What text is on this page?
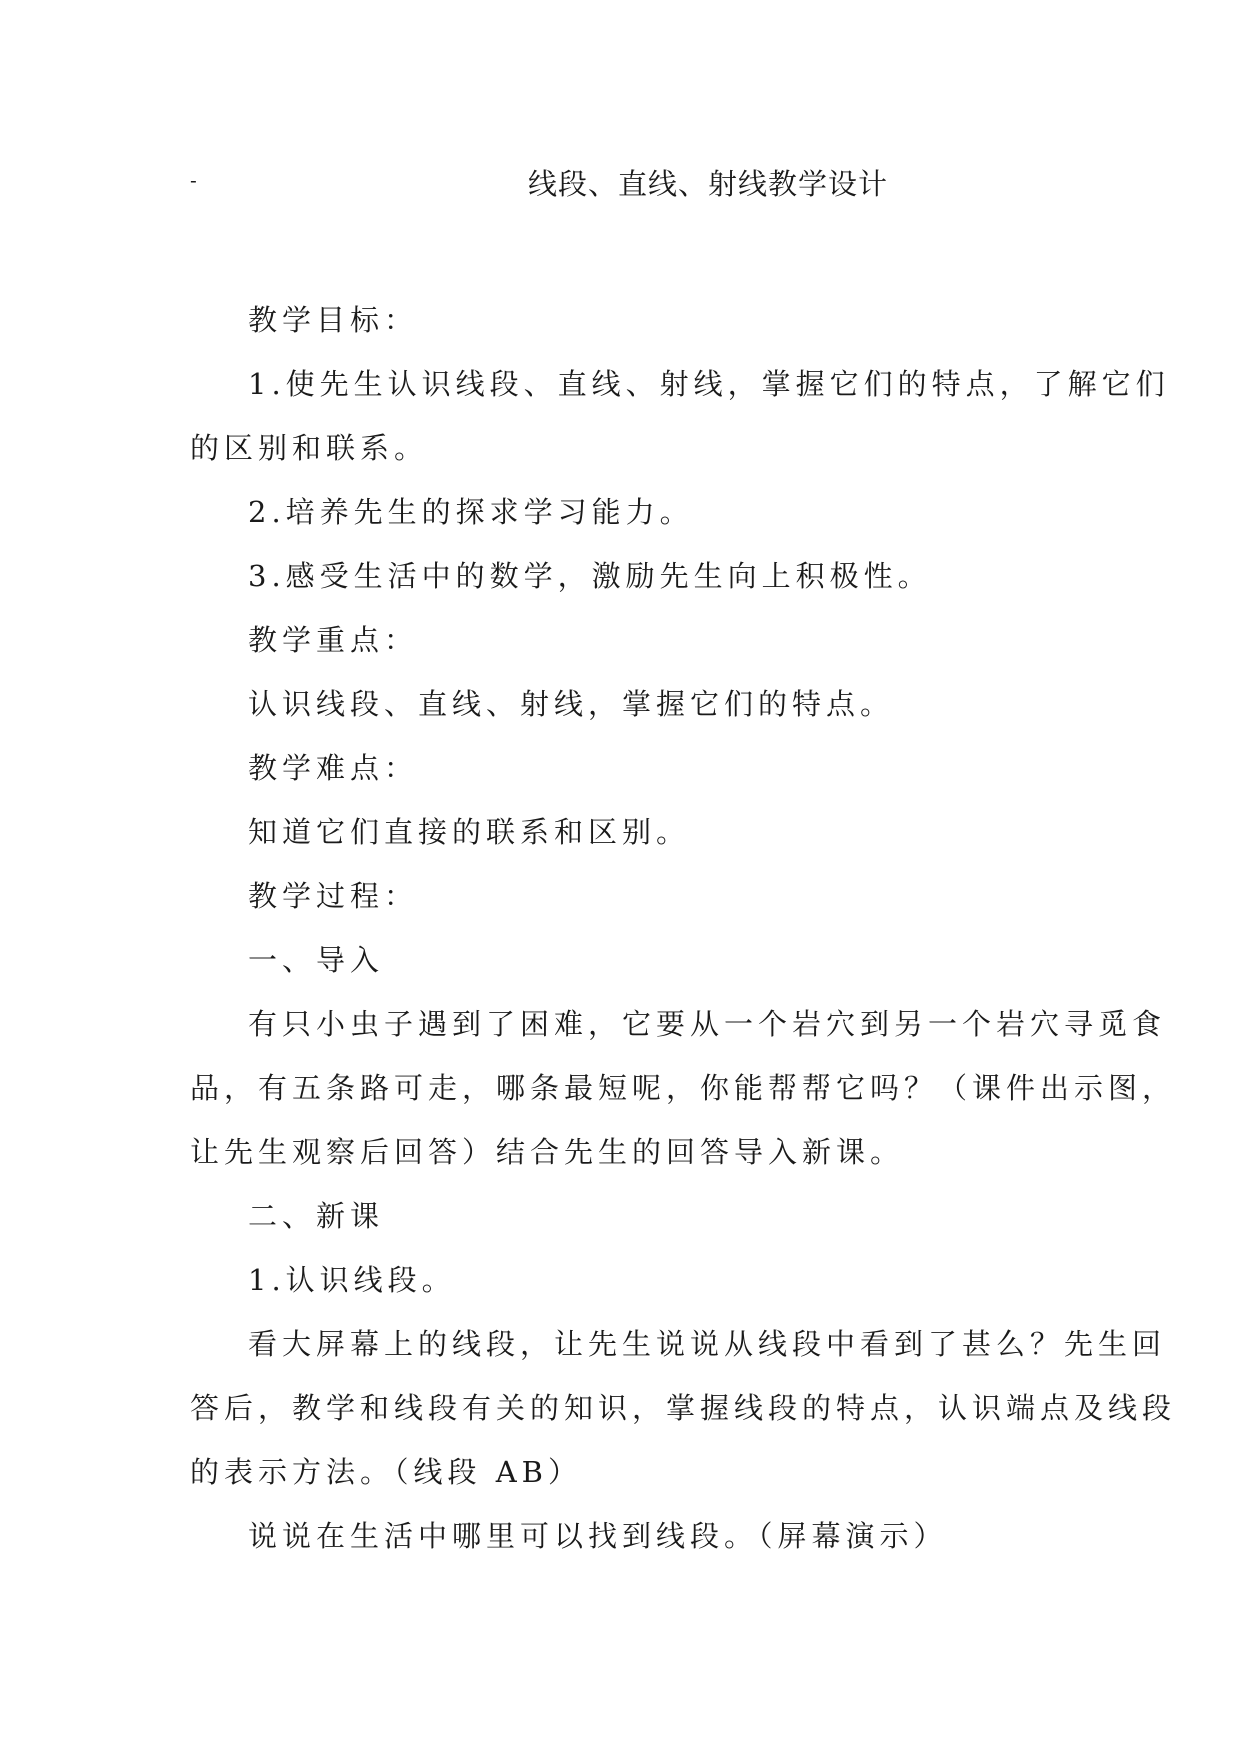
-	线段、直线、射线教学设计
教学目标：
1.使先生认识线段、直线、射线，掌握它们的特点，了解它们
的区别和联系。
2.培养先生的探求学习能力。
3.感受生活中的数学，激励先生向上积极性。
教学重点：
认识线段、直线、射线，掌握它们的特点。
教学难点：
知道它们直接的联系和区别。
教学过程：
一、导入
有只小虫子遇到了困难，它要从一个岩穴到另一个岩穴寻觅食
品，有五条路可走，哪条最短呢，你能帮帮它吗？（课件出示图，
让先生观察后回答）结合先生的回答导入新课。
二、新课
1.认识线段。
看大屏幕上的线段，让先生说说从线段中看到了甚么？先生回
答后，教学和线段有关的知识，掌握线段的特点，认识端点及线段
的表示方法。（线段 AB）
说说在生活中哪里可以找到线段。（屏幕演示）
